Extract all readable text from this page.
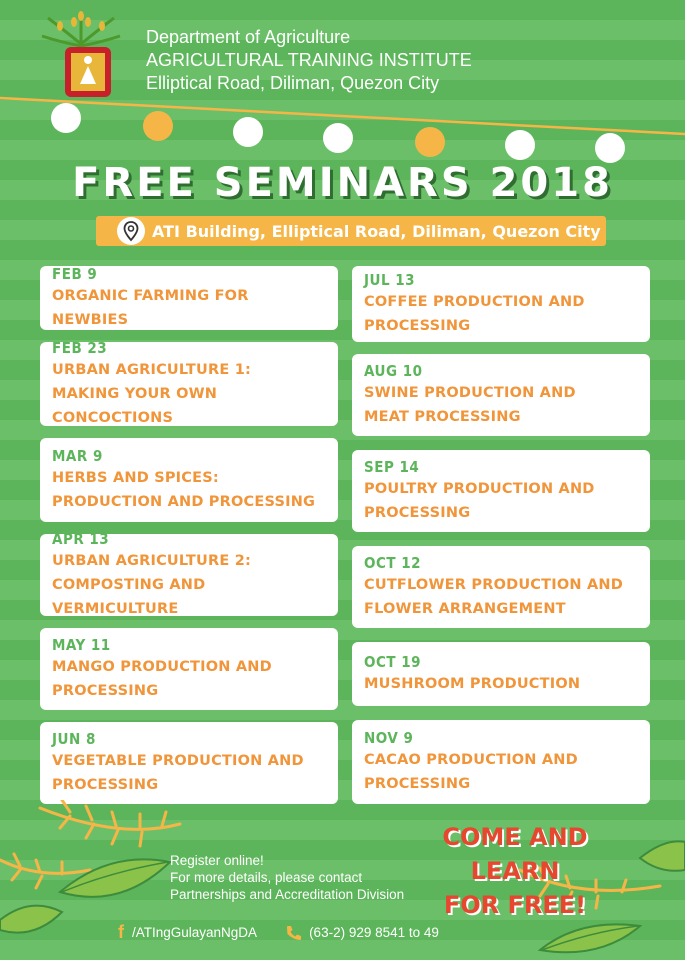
Department of Agriculture
AGRICULTURAL TRAINING INSTITUTE
Elliptical Road, Diliman, Quezon City
FREE SEMINARS 2018
ATI Building, Elliptical Road, Diliman, Quezon City
FEB 9
ORGANIC FARMING FOR NEWBIES
FEB 23
URBAN AGRICULTURE 1:
MAKING YOUR OWN CONCOCTIONS
MAR 9
HERBS AND SPICES:
PRODUCTION AND PROCESSING
APR 13
URBAN AGRICULTURE 2:
COMPOSTING AND VERMICULTURE
MAY 11
MANGO PRODUCTION AND
PROCESSING
JUN 8
VEGETABLE PRODUCTION AND
PROCESSING
JUL 13
COFFEE PRODUCTION AND
PROCESSING
AUG 10
SWINE PRODUCTION AND
MEAT PROCESSING
SEP 14
POULTRY PRODUCTION AND
PROCESSING
OCT 12
CUTFLOWER PRODUCTION AND
FLOWER ARRANGEMENT
OCT 19
MUSHROOM PRODUCTION
NOV 9
CACAO PRODUCTION AND
PROCESSING
COME AND LEARN
FOR FREE!
Register online!
For more details, please contact
Partnerships and Accreditation Division
f /ATIngGulayanNgDA	(63-2) 929 8541 to 49
